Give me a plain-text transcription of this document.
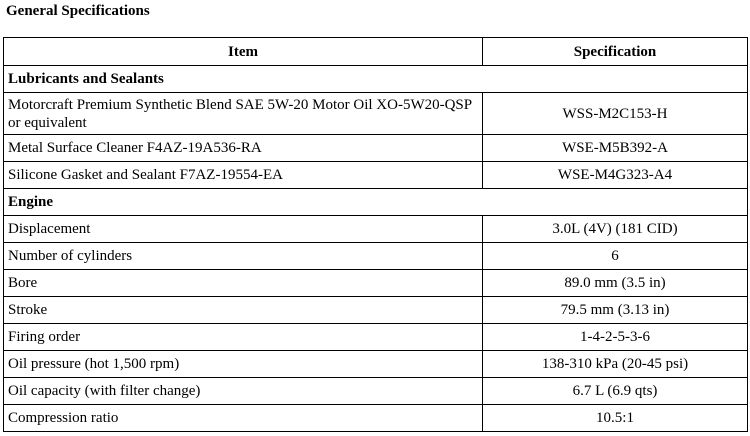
General Specifications
Item	Specification
Lubricants and Sealants	
Motorcraft Premium Synthetic Blend SAE 5W-20 Motor Oil XO-5W20-QSP or equivalent	WSS-M2C153-H
Metal Surface Cleaner F4AZ-19A536-RA	WSE-M5B392-A
Silicone Gasket and Sealant F7AZ-19554-EA	WSE-M4G323-A4
Engine	
Displacement	3.0L (4V) (181 CID)
Number of cylinders	6
Bore	89.0 mm (3.5 in)
Stroke	79.5 mm (3.13 in)
Firing order	1-4-2-5-3-6
Oil pressure (hot 1,500 rpm)	138-310 kPa (20-45 psi)
Oil capacity (with filter change)	6.7 L (6.9 qts)
Compression ratio	10.5:1
